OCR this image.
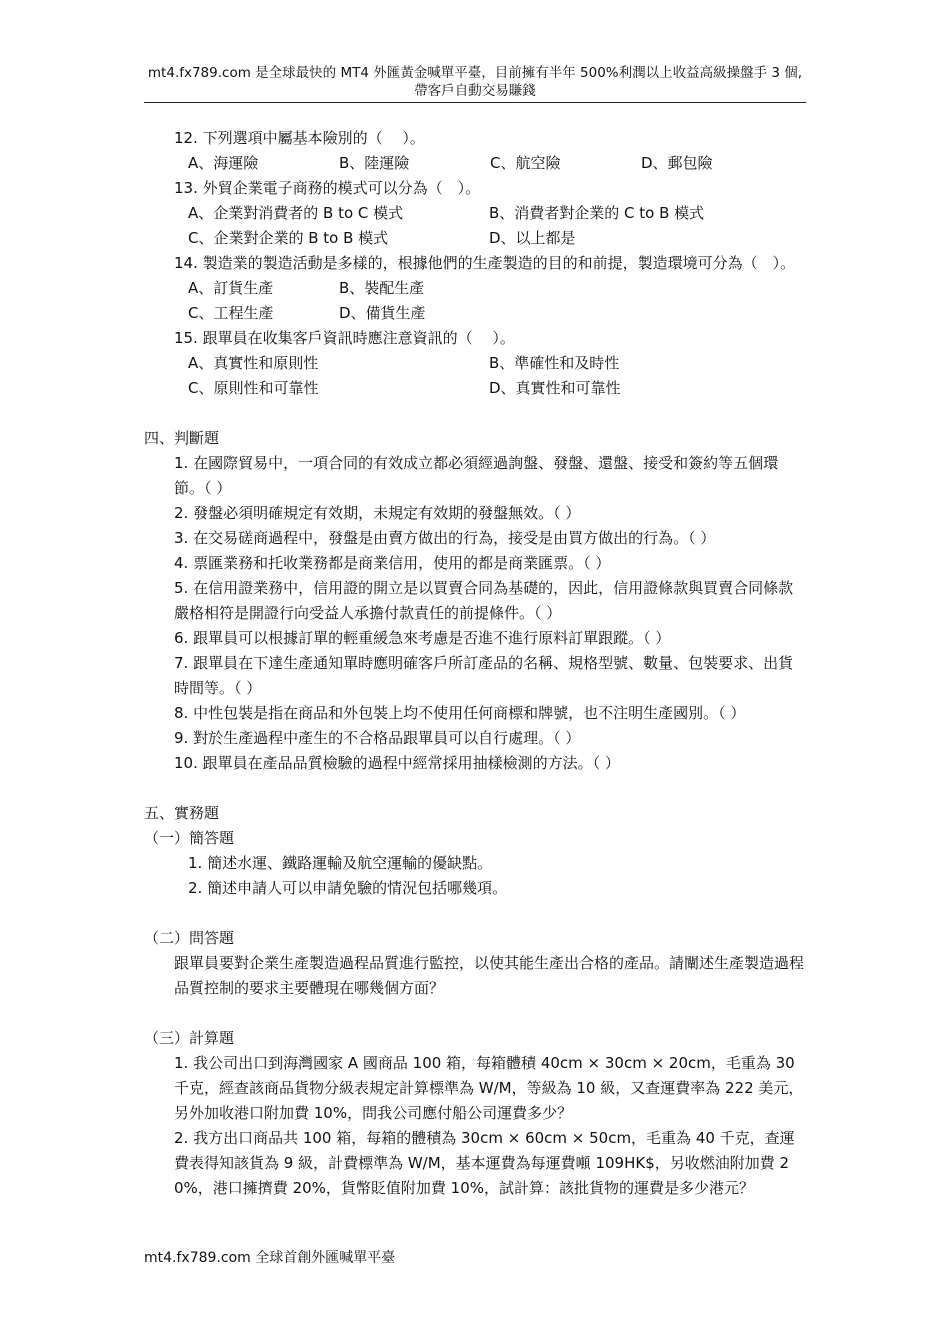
mt4.fx789.com 是全球最快的 MT4 外匯黃金喊單平臺，目前擁有半年 500%利潤以上收益高級操盤手 3 個,帶客戶自動交易賺錢
12. 下列選項中屬基本險別的（　 ）。
A、海運險	B、陸運險	C、航空險	D、郵包險
13. 外貿企業電子商務的模式可以分為（　）。
A、企業對消費者的 B to C 模式	B、消費者對企業的 C to B 模式
C、企業對企業的 B to B 模式	D、以上都是
14. 製造業的製造活動是多樣的，根據他們的生產製造的目的和前提，製造環境可分為（　）。
A、訂貨生產	B、裝配生產
C、工程生產	D、備貨生產
15. 跟單員在收集客戶資訊時應注意資訊的（　 ）。
A、真實性和原則性	B、準確性和及時性
C、原則性和可靠性	D、真實性和可靠性
四、判斷題
1. 在國際貿易中，一項合同的有效成立都必須經過詢盤、發盤、還盤、接受和簽約等五個環節。（ ）
2. 發盤必須明確規定有效期，未規定有效期的發盤無效。（ ）
3. 在交易磋商過程中，發盤是由賣方做出的行為，接受是由買方做出的行為。（ ）
4. 票匯業務和托收業務都是商業信用，使用的都是商業匯票。（ ）
5. 在信用證業務中，信用證的開立是以買賣合同為基礎的，因此，信用證條款與買賣合同條款嚴格相符是開證行向受益人承擔付款責任的前提條件。（ ）
6. 跟單員可以根據訂單的輕重緩急來考慮是否進不進行原料訂單跟蹤。（ ）
7. 跟單員在下達生產通知單時應明確客戶所訂產品的名稱、規格型號、數量、包裝要求、出貨時間等。（ ）
8. 中性包裝是指在商品和外包裝上均不使用任何商標和牌號，也不注明生產國別。（ ）
9. 對於生產過程中產生的不合格品跟單員可以自行處理。（ ）
10. 跟單員在產品品質檢驗的過程中經常採用抽樣檢測的方法。（ ）
五、實務題
（一）簡答題
1. 簡述水運、鐵路運輸及航空運輸的優缺點。
2. 簡述申請人可以申請免驗的情況包括哪幾項。
（二）問答題
跟單員要對企業生產製造過程品質進行監控，以使其能生產出合格的產品。請闡述生產製造過程品質控制的要求主要體現在哪幾個方面？
（三）計算題
1. 我公司出口到海灣國家 A 國商品 100 箱，每箱體積 40cm × 30cm × 20cm，毛重為 30 千克，經查該商品貨物分級表規定計算標準為 W/M，等級為 10 級，又查運費率為 222 美元，另外加收港口附加費 10%，問我公司應付船公司運費多少？
2. 我方出口商品共 100 箱，每箱的體積為 30cm × 60cm × 50cm，毛重為 40 千克，查運費表得知該貨為 9 級，計費標準為 W/M，基本運費為每運費噸 109HK$，另收燃油附加費 20%，港口擁擠費 20%，貨幣貶值附加費 10%，試計算：該批貨物的運費是多少港元？
mt4.fx789.com 全球首創外匯喊單平臺
